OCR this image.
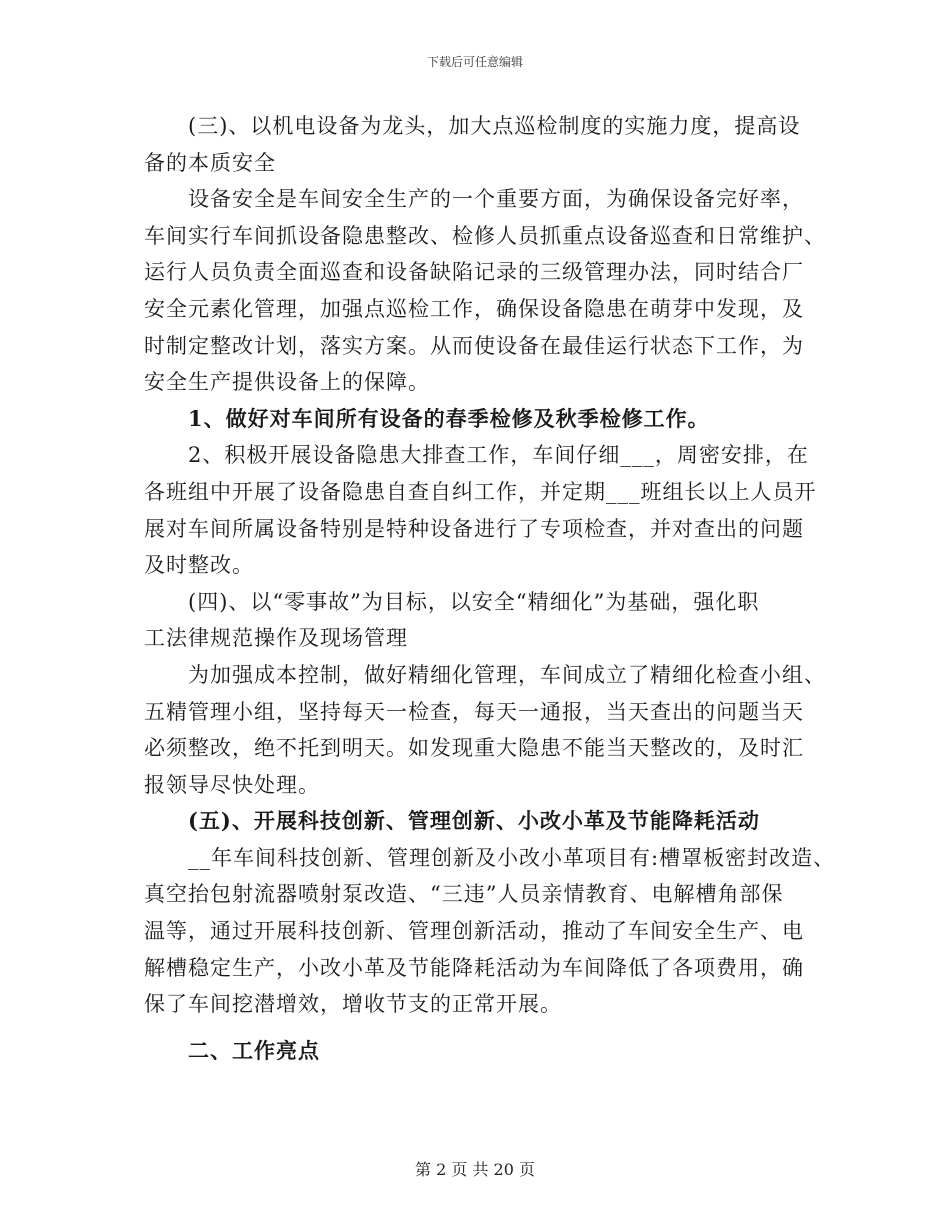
下载后可任意编辑
(三)、以机电设备为龙头，加大点巡检制度的实施力度，提高设
备的本质安全
设备安全是车间安全生产的一个重要方面，为确保设备完好率，
车间实行车间抓设备隐患整改、检修人员抓重点设备巡查和日常维护、
运行人员负责全面巡查和设备缺陷记录的三级管理办法，同时结合厂
安全元素化管理，加强点巡检工作，确保设备隐患在萌芽中发现，及
时制定整改计划，落实方案。从而使设备在最佳运行状态下工作，为
安全生产提供设备上的保障。
1、做好对车间所有设备的春季检修及秋季检修工作。
2、积极开展设备隐患大排查工作，车间仔细___，周密安排，在
各班组中开展了设备隐患自查自纠工作，并定期___班组长以上人员开
展对车间所属设备特别是特种设备进行了专项检查，并对查出的问题
及时整改。
(四)、以“零事故”为目标，以安全“精细化”为基础，强化职
工法律规范操作及现场管理
为加强成本控制，做好精细化管理，车间成立了精细化检查小组、
五精管理小组，坚持每天一检查，每天一通报，当天查出的问题当天
必须整改，绝不托到明天。如发现重大隐患不能当天整改的，及时汇
报领导尽快处理。
(五)、开展科技创新、管理创新、小改小革及节能降耗活动
__年车间科技创新、管理创新及小改小革项目有:槽罩板密封改造、
真空抬包射流器喷射泵改造、“三违”人员亲情教育、电解槽角部保
温等，通过开展科技创新、管理创新活动，推动了车间安全生产、电
解槽稳定生产，小改小革及节能降耗活动为车间降低了各项费用，确
保了车间挖潜增效，增收节支的正常开展。
二、工作亮点
第 2 页 共 20 页
